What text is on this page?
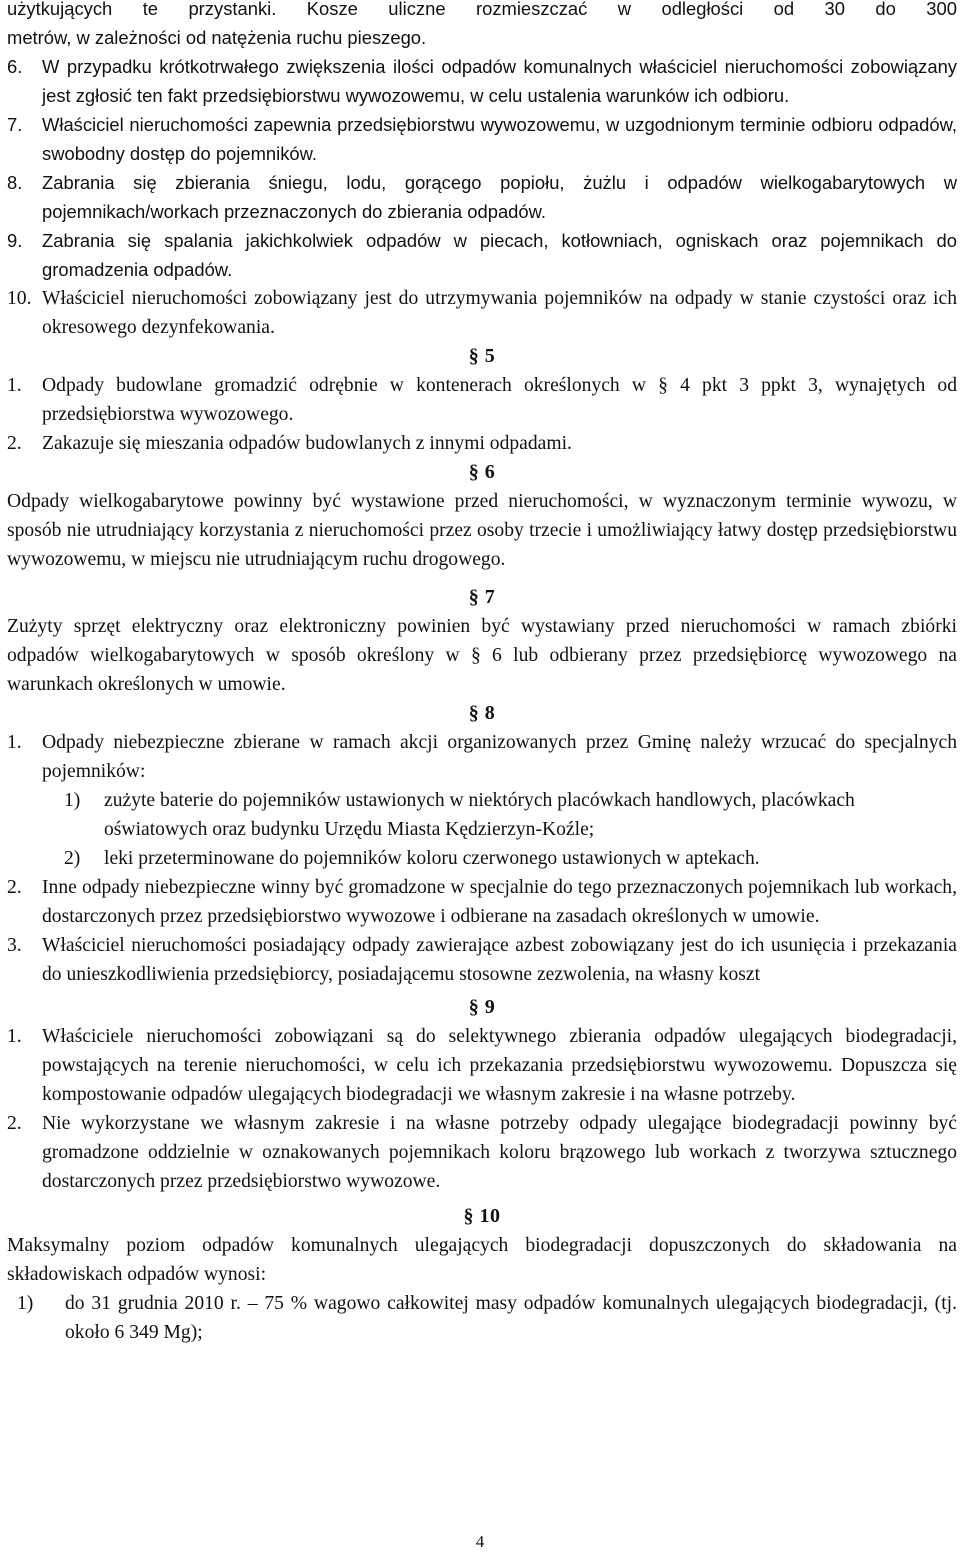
użytkujących te przystanki. Kosze uliczne rozmieszczać w odległości od 30 do 300

metrów, w zależności od natężenia ruchu pieszego.

6.	W przypadku krótkotrwałego zwiększenia ilości odpadów komunalnych właściciel nieruchomości zobowiązany jest zgłosić ten fakt przedsiębiorstwu wywozowemu, w celu ustalenia warunków ich odbioru.
7.	Właściciel nieruchomości zapewnia przedsiębiorstwu wywozowemu, w uzgodnionym terminie odbioru odpadów, swobodny dostęp do pojemników.
8.	Zabrania się zbierania śniegu, lodu, gorącego popiołu, żużlu i odpadów wielkogabarytowych w pojemnikach/workach przeznaczonych do zbierania odpadów.
9.	Zabrania się spalania jakichkolwiek odpadów w piecach, kotłowniach, ogniskach oraz pojemnikach do gromadzenia odpadów.
10. Właściciel nieruchomości zobowiązany jest do utrzymywania pojemników na odpady w stanie czystości oraz ich okresowego dezynfekowania.
§ 5
1.	Odpady budowlane gromadzić odrębnie w kontenerach określonych w § 4 pkt 3 ppkt 3, wynajętych od przedsiębiorstwa wywozowego.
2.	Zakazuje się mieszania odpadów budowlanych z innymi odpadami.
§ 6

Odpady wielkogabarytowe powinny być wystawione przed nieruchomości, w wyznaczonym terminie wywozu, w sposób nie utrudniający korzystania z nieruchomości przez osoby trzecie i umożliwiający łatwy dostęp przedsiębiorstwu wywozowemu, w miejscu nie utrudniającym ruchu drogowego.

§ 7

Zużyty sprzęt elektryczny oraz elektroniczny powinien być wystawiany przed nieruchomości w ramach zbiórki odpadów wielkogabarytowych w sposób określony w § 6 lub odbierany przez przedsiębiorcę wywozowego na warunkach określonych w umowie.

§ 8
1.	Odpady niebezpieczne zbierane w ramach akcji organizowanych przez Gminę należy wrzucać do specjalnych pojemników:
1)	zużyte baterie do pojemników ustawionych w niektórych placówkach handlowych, placówkach oświatowych oraz budynku Urzędu Miasta Kędzierzyn-Koźle;
2)	leki przeterminowane do pojemników koloru czerwonego ustawionych w aptekach.
2.	Inne odpady niebezpieczne winny być gromadzone w specjalnie do tego przeznaczonych pojemnikach lub workach, dostarczonych przez przedsiębiorstwo wywozowe i odbierane na zasadach określonych w umowie.
3.	Właściciel nieruchomości posiadający odpady zawierające azbest zobowiązany jest do ich usunięcia i przekazania do unieszkodliwienia przedsiębiorcy, posiadającemu stosowne zezwolenia, na własny koszt
§ 9
1.	Właściciele nieruchomości zobowiązani są do selektywnego zbierania odpadów ulegających biodegradacji, powstających na terenie nieruchomości, w celu ich przekazania przedsiębiorstwu wywozowemu. Dopuszcza się kompostowanie odpadów ulegających biodegradacji we własnym zakresie i na własne potrzeby.
2.	Nie wykorzystane we własnym zakresie i na własne potrzeby odpady ulegające biodegradacji powinny być gromadzone oddzielnie w oznakowanych pojemnikach koloru brązowego lub workach z tworzywa sztucznego dostarczonych przez przedsiębiorstwo wywozowe.
§ 10

Maksymalny poziom odpadów komunalnych ulegających biodegradacji dopuszczonych do składowania na składowiskach odpadów wynosi:

1)	do 31 grudnia 2010 r. – 75 % wagowo całkowitej masy odpadów komunalnych ulegających biodegradacji, (tj. około 6 349 Mg);
4
